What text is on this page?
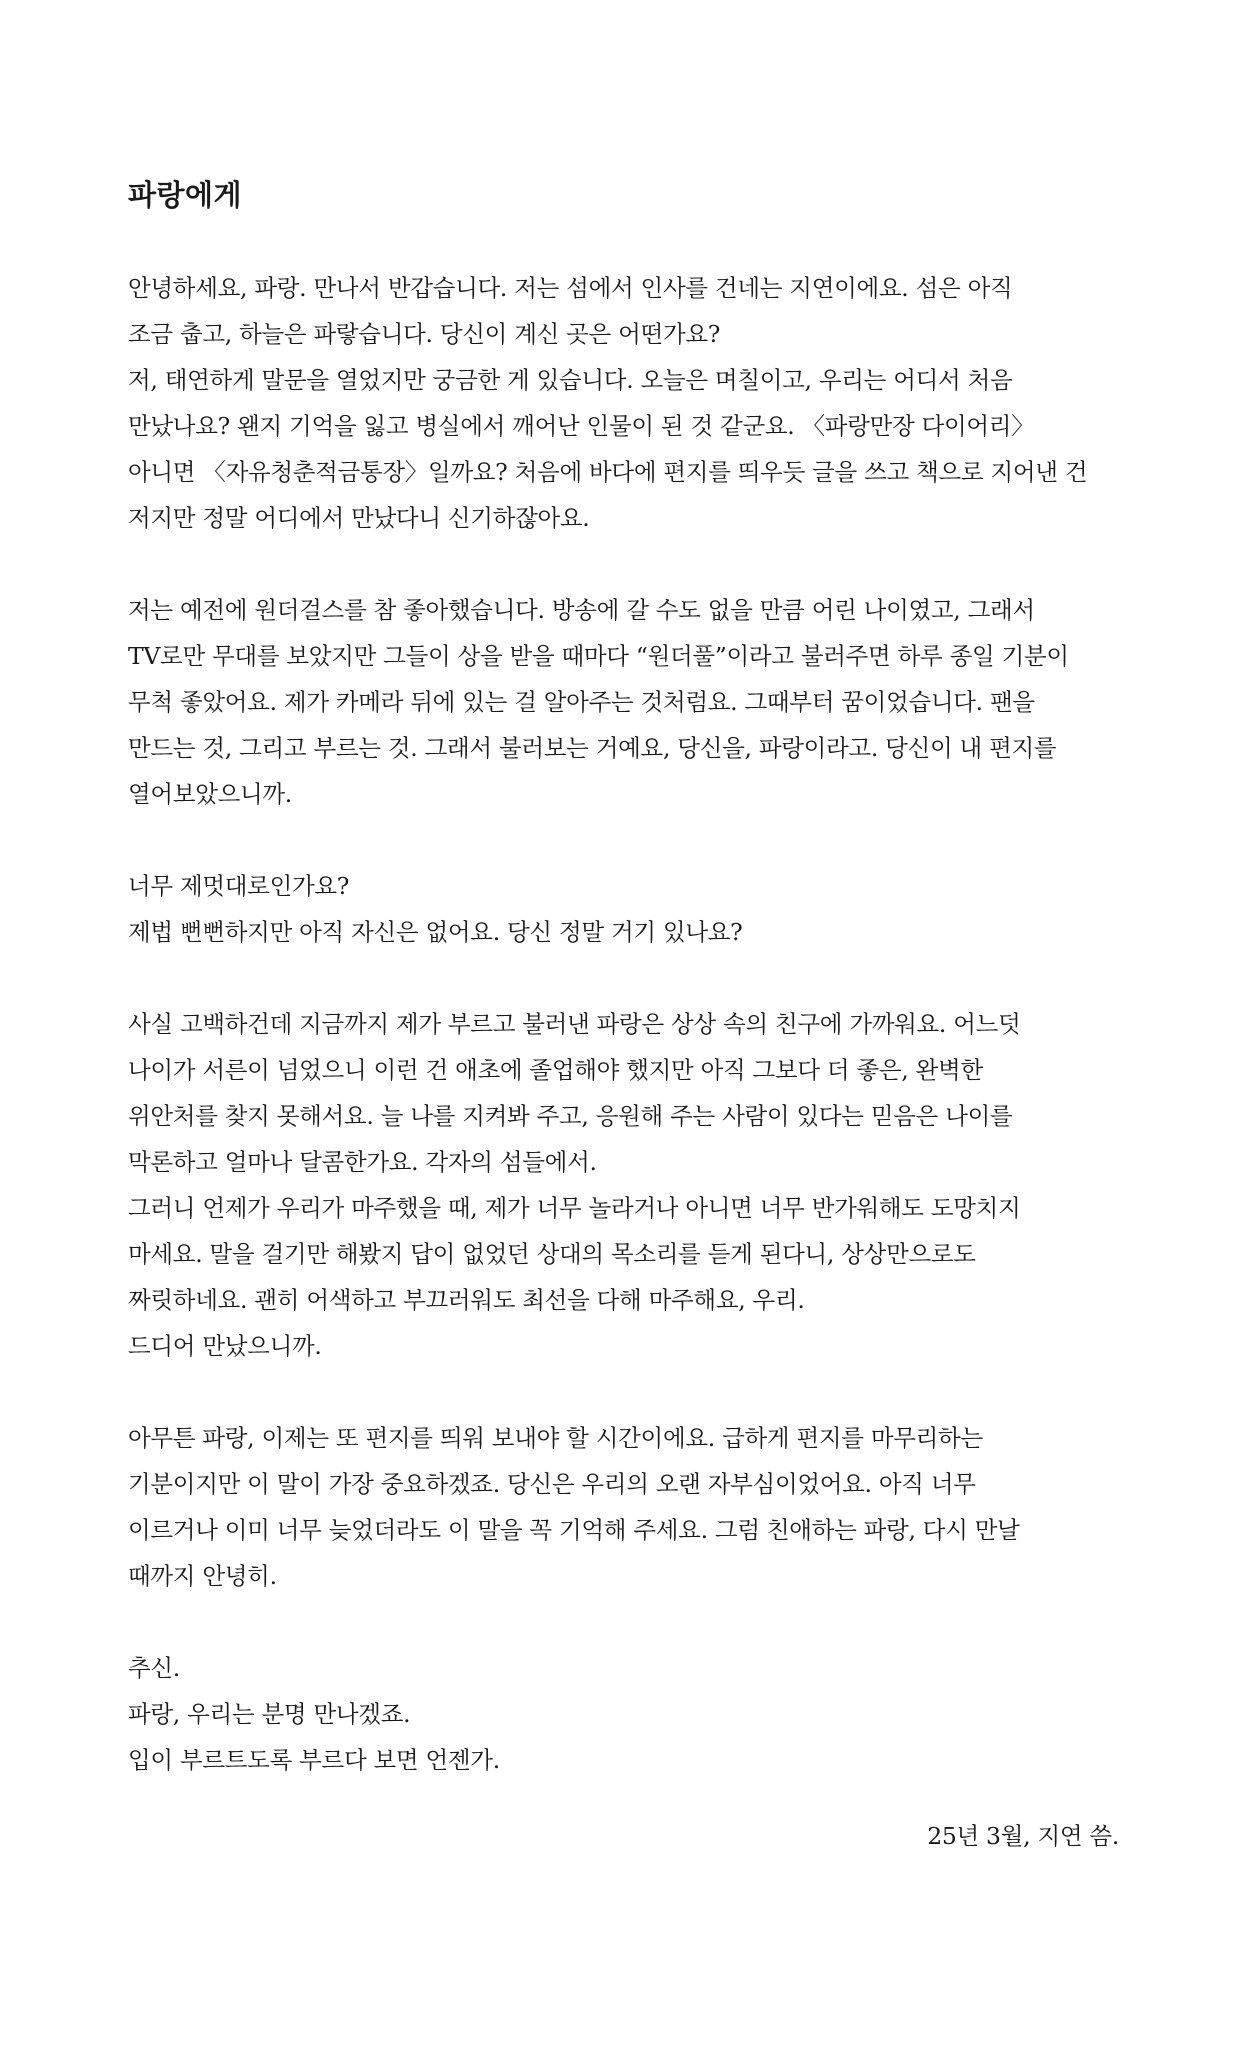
파랑에게
안녕하세요, 파랑. 만나서 반갑습니다. 저는 섬에서 인사를 건네는 지연이에요. 섬은 아직
조금 춥고, 하늘은 파랗습니다. 당신이 계신 곳은 어떤가요?
저, 태연하게 말문을 열었지만 궁금한 게 있습니다. 오늘은 며칠이고, 우리는 어디서 처음
만났나요? 왠지 기억을 잃고 병실에서 깨어난 인물이 된 것 같군요. 〈파랑만장 다이어리〉
아니면 〈자유청춘적금통장〉일까요? 처음에 바다에 편지를 띄우듯 글을 쓰고 책으로 지어낸 건
저지만 정말 어디에서 만났다니 신기하잖아요.
저는 예전에 원더걸스를 참 좋아했습니다. 방송에 갈 수도 없을 만큼 어린 나이였고, 그래서
TV로만 무대를 보았지만 그들이 상을 받을 때마다 “원더풀”이라고 불러주면 하루 종일 기분이
무척 좋았어요. 제가 카메라 뒤에 있는 걸 알아주는 것처럼요. 그때부터 꿈이었습니다. 팬을
만드는 것, 그리고 부르는 것. 그래서 불러보는 거예요, 당신을, 파랑이라고. 당신이 내 편지를
열어보았으니까.
너무 제멋대로인가요?
제법 뻔뻔하지만 아직 자신은 없어요. 당신 정말 거기 있나요?
사실 고백하건데 지금까지 제가 부르고 불러낸 파랑은 상상 속의 친구에 가까워요. 어느덧
나이가 서른이 넘었으니 이런 건 애초에 졸업해야 했지만 아직 그보다 더 좋은, 완벽한
위안처를 찾지 못해서요. 늘 나를 지켜봐 주고, 응원해 주는 사람이 있다는 믿음은 나이를
막론하고 얼마나 달콤한가요. 각자의 섬들에서.
그러니 언제가 우리가 마주했을 때, 제가 너무 놀라거나 아니면 너무 반가워해도 도망치지
마세요. 말을 걸기만 해봤지 답이 없었던 상대의 목소리를 듣게 된다니, 상상만으로도
짜릿하네요. 괜히 어색하고 부끄러워도 최선을 다해 마주해요, 우리.
드디어 만났으니까.
아무튼 파랑, 이제는 또 편지를 띄워 보내야 할 시간이에요. 급하게 편지를 마무리하는
기분이지만 이 말이 가장 중요하겠죠. 당신은 우리의 오랜 자부심이었어요. 아직 너무
이르거나 이미 너무 늦었더라도 이 말을 꼭 기억해 주세요. 그럼 친애하는 파랑, 다시 만날
때까지 안녕히.
추신.
파랑, 우리는 분명 만나겠죠.
입이 부르트도록 부르다 보면 언젠가.
25년 3월, 지연 씀.
